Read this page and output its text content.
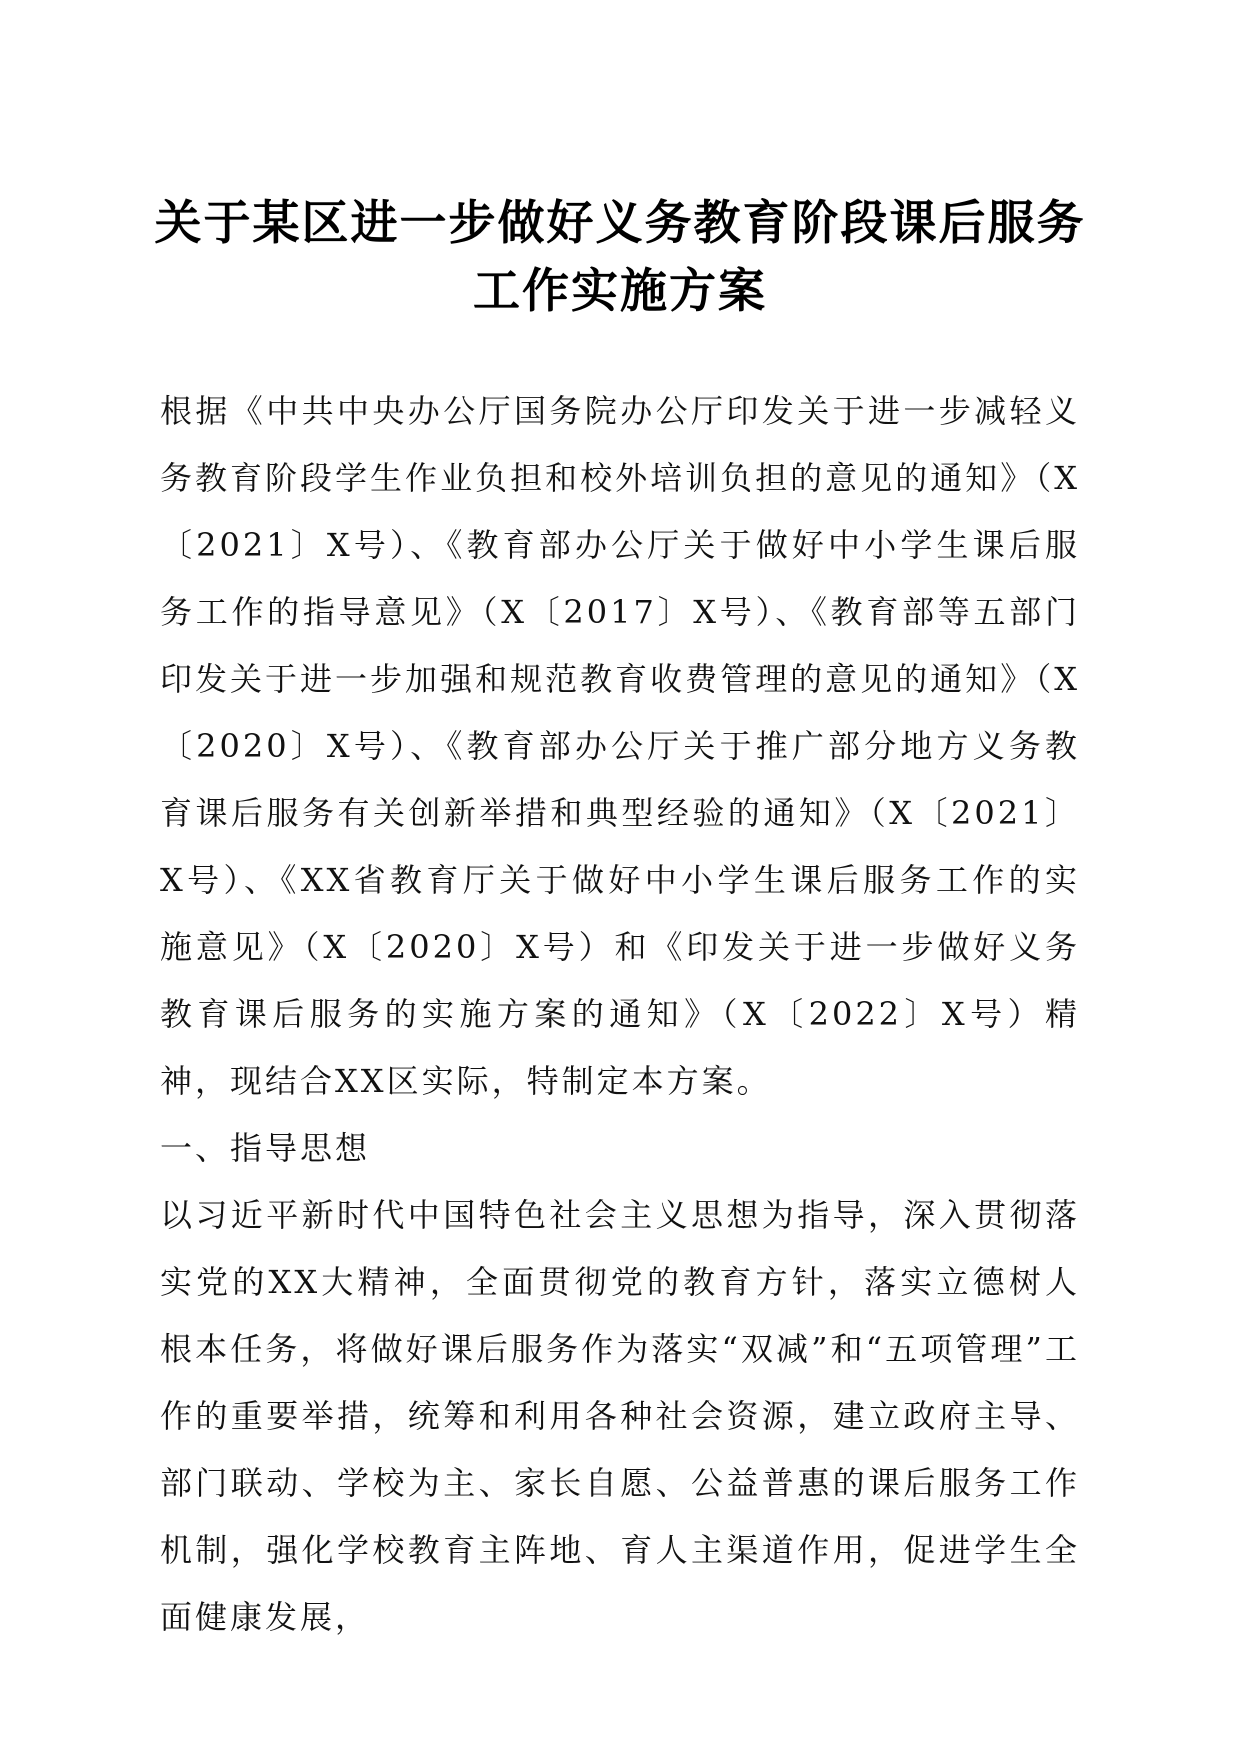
关于某区进一步做好义务教育阶段课后服务工作实施方案

根据《中共中央办公厅国务院办公厅印发关于进一步减轻义务教育阶段学生作业负担和校外培训负担的意见的通知》（X〔2021〕X号）、《教育部办公厅关于做好中小学生课后服务工作的指导意见》（X〔2017〕X号）、《教育部等五部门印发关于进一步加强和规范教育收费管理的意见的通知》（X〔2020〕X号）、《教育部办公厅关于推广部分地方义务教育课后服务有关创新举措和典型经验的通知》（X〔2021〕X号）、《XX省教育厅关于做好中小学生课后服务工作的实施意见》（X〔2020〕X号）和《印发关于进一步做好义务教育课后服务的实施方案的通知》（X〔2022〕X号）精神，现结合XX区实际，特制定本方案。

一、指导思想

以习近平新时代中国特色社会主义思想为指导，深入贯彻落实党的XX大精神，全面贯彻党的教育方针，落实立德树人根本任务，将做好课后服务作为落实“双减”和“五项管理”工作的重要举措，统筹和利用各种社会资源，建立政府主导、部门联动、学校为主、家长自愿、公益普惠的课后服务工作机制，强化学校教育主阵地、育人主渠道作用，促进学生全面健康发展，
